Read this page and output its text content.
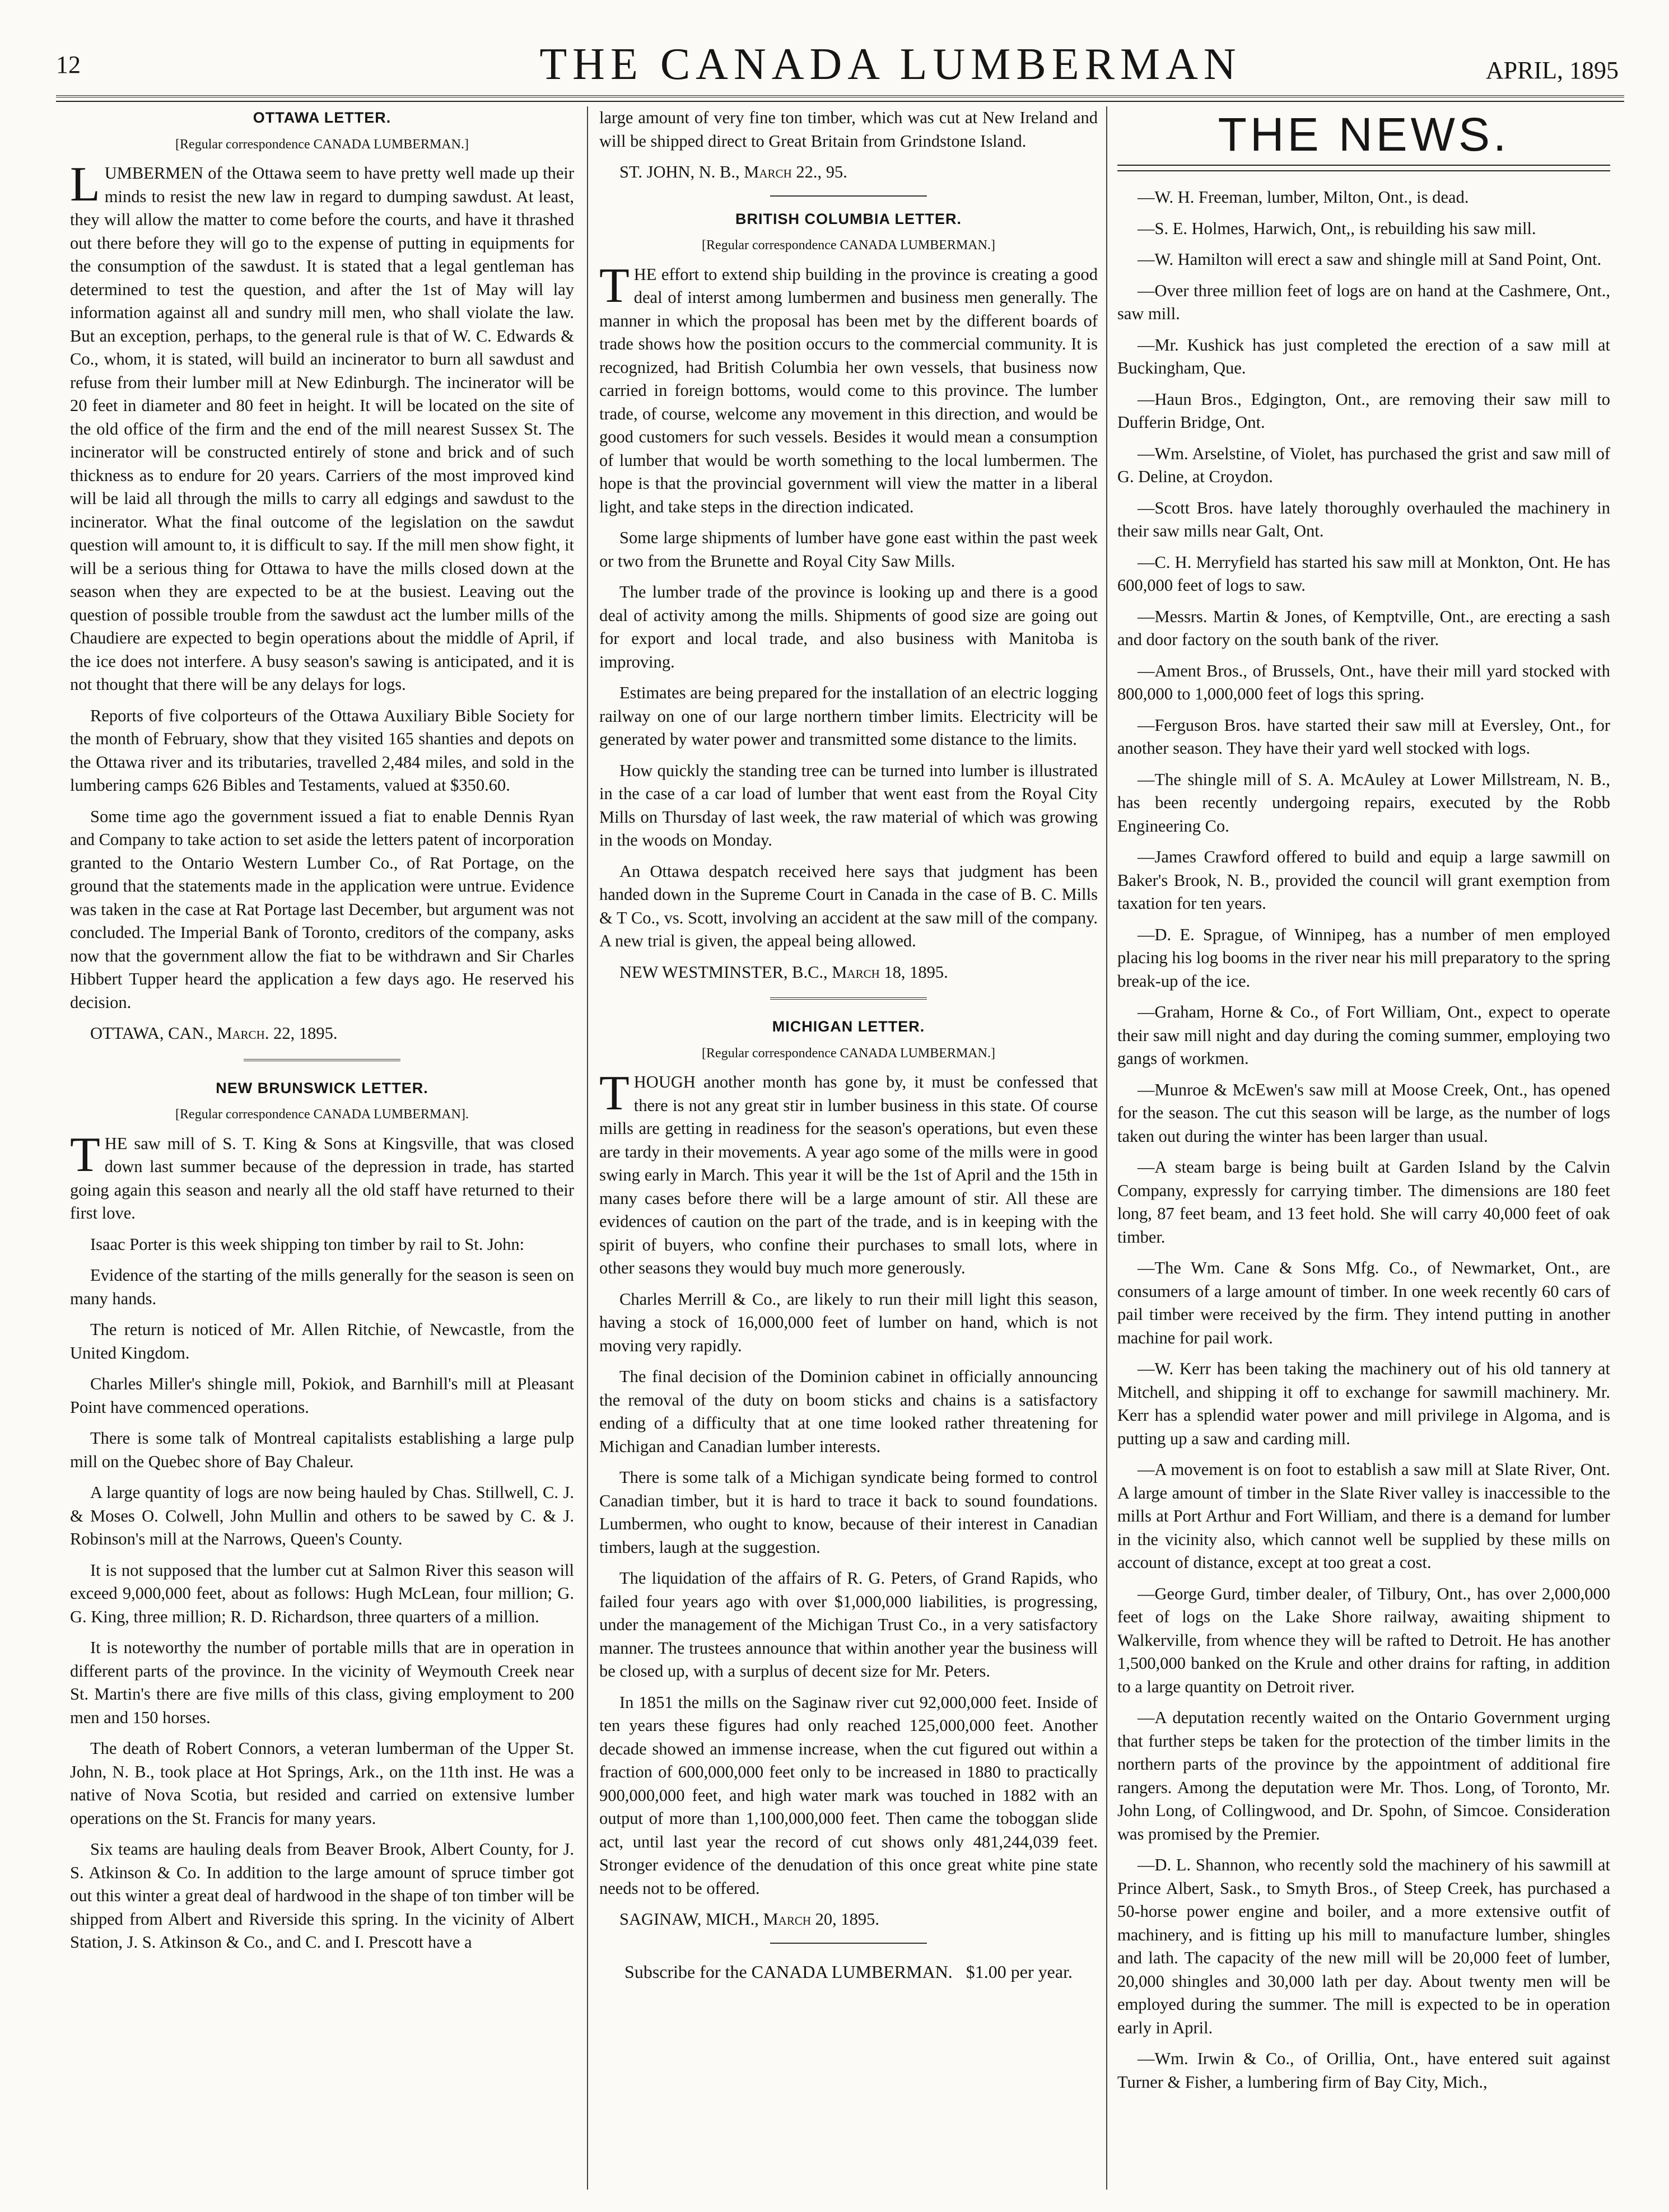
12	THE CANADA LUMBERMAN	APRIL, 1895
OTTAWA LETTER.
[Regular correspondence CANADA LUMBERMAN.]

LUMBERMEN of the Ottawa seem to have pretty well made up their minds to resist the new law in regard to dumping sawdust. At least, they will allow the matter to come before the courts, and have it thrashed out there before they will go to the expense of putting in equipments for the consumption of the sawdust. It is stated that a legal gentleman has determined to test the question, and after the 1st of May will lay information against all and sundry mill men, who shall violate the law. But an exception, perhaps, to the general rule is that of W. C. Edwards & Co., whom, it is stated, will build an incinerator to burn all sawdust and refuse from their lumber mill at New Edinburgh. The incinerator will be 20 feet in diameter and 80 feet in height. It will be located on the site of the old office of the firm and the end of the mill nearest Sussex St. The incinerator will be constructed entirely of stone and brick and of such thickness as to endure for 20 years. Carriers of the most improved kind will be laid all through the mills to carry all edgings and sawdust to the incinerator. What the final outcome of the legislation on the sawdut question will amount to, it is difficult to say. If the mill men show fight, it will be a serious thing for Ottawa to have the mills closed down at the season when they are expected to be at the busiest. Leaving out the question of possible trouble from the sawdust act the lumber mills of the Chaudiere are expected to begin operations about the middle of April, if the ice does not interfere. A busy season's sawing is anticipated, and it is not thought that there will be any delays for logs.

Reports of five colporteurs of the Ottawa Auxiliary Bible Society for the month of February, show that they visited 165 shanties and depots on the Ottawa river and its tributaries, travelled 2,484 miles, and sold in the lumbering camps 626 Bibles and Testaments, valued at $350.60.

Some time ago the government issued a fiat to enable Dennis Ryan and Company to take action to set aside the letters patent of incorporation granted to the Ontario Western Lumber Co., of Rat Portage, on the ground that the statements made in the application were untrue. Evidence was taken in the case at Rat Portage last December, but argument was not concluded. The Imperial Bank of Toronto, creditors of the company, asks now that the government allow the fiat to be withdrawn and Sir Charles Hibbert Tupper heard the application a few days ago. He reserved his decision.

OTTAWA, CAN., March. 22, 1895.

NEW BRUNSWICK LETTER.
[Regular correspondence CANADA LUMBERMAN].

THE saw mill of S. T. King & Sons at Kingsville, that was closed down last summer because of the depression in trade, has started going again this season and nearly all the old staff have returned to their first love.

Isaac Porter is this week shipping ton timber by rail to St. John:

Evidence of the starting of the mills generally for the season is seen on many hands.

The return is noticed of Mr. Allen Ritchie, of Newcastle, from the United Kingdom.

Charles Miller's shingle mill, Pokiok, and Barnhill's mill at Pleasant Point have commenced operations.

There is some talk of Montreal capitalists establishing a large pulp mill on the Quebec shore of Bay Chaleur.

A large quantity of logs are now being hauled by Chas. Stillwell, C. J. & Moses O. Colwell, John Mullin and others to be sawed by C. & J. Robinson's mill at the Narrows, Queen's County.

It is not supposed that the lumber cut at Salmon River this season will exceed 9,000,000 feet, about as follows: Hugh McLean, four million; G. G. King, three million; R. D. Richardson, three quarters of a million.

It is noteworthy the number of portable mills that are in operation in different parts of the province. In the vicinity of Weymouth Creek near St. Martin's there are five mills of this class, giving employment to 200 men and 150 horses.

The death of Robert Connors, a veteran lumberman of the Upper St. John, N. B., took place at Hot Springs, Ark., on the 11th inst. He was a native of Nova Scotia, but resided and carried on extensive lumber operations on the St. Francis for many years.

Six teams are hauling deals from Beaver Brook, Albert County, for J. S. Atkinson & Co. In addition to the large amount of spruce timber got out this winter a great deal of hardwood in the shape of ton timber will be shipped from Albert and Riverside this spring. In the vicinity of Albert Station, J. S. Atkinson & Co., and C. and I. Prescott have a

large amount of very fine ton timber, which was cut at New Ireland and will be shipped direct to Great Britain from Grindstone Island.

ST. JOHN, N. B., March 22., 95.

BRITISH COLUMBIA LETTER.
[Regular correspondence CANADA LUMBERMAN.]

THE effort to extend ship building in the province is creating a good deal of interst among lumbermen and business men generally. The manner in which the proposal has been met by the different boards of trade shows how the position occurs to the commercial community. It is recognized, had British Columbia her own vessels, that business now carried in foreign bottoms, would come to this province. The lumber trade, of course, welcome any movement in this direction, and would be good customers for such vessels. Besides it would mean a consumption of lumber that would be worth something to the local lumbermen. The hope is that the provincial government will view the matter in a liberal light, and take steps in the direction indicated.

Some large shipments of lumber have gone east within the past week or two from the Brunette and Royal City Saw Mills.

The lumber trade of the province is looking up and there is a good deal of activity among the mills. Shipments of good size are going out for export and local trade, and also business with Manitoba is improving.

Estimates are being prepared for the installation of an electric logging railway on one of our large northern timber limits. Electricity will be generated by water power and transmitted some distance to the limits.

How quickly the standing tree can be turned into lumber is illustrated in the case of a car load of lumber that went east from the Royal City Mills on Thursday of last week, the raw material of which was growing in the woods on Monday.

An Ottawa despatch received here says that judgment has been handed down in the Supreme Court in Canada in the case of B. C. Mills & T Co., vs. Scott, involving an accident at the saw mill of the company. A new trial is given, the appeal being allowed.

NEW WESTMINSTER, B.C., March 18, 1895.

MICHIGAN LETTER.
[Regular correspondence CANADA LUMBERMAN.]

THOUGH another month has gone by, it must be confessed that there is not any great stir in lumber business in this state. Of course mills are getting in readiness for the season's operations, but even these are tardy in their movements. A year ago some of the mills were in good swing early in March. This year it will be the 1st of April and the 15th in many cases before there will be a large amount of stir. All these are evidences of caution on the part of the trade, and is in keeping with the spirit of buyers, who confine their purchases to small lots, where in other seasons they would buy much more generously.

Charles Merrill & Co., are likely to run their mill light this season, having a stock of 16,000,000 feet of lumber on hand, which is not moving very rapidly.

The final decision of the Dominion cabinet in officially announcing the removal of the duty on boom sticks and chains is a satisfactory ending of a difficulty that at one time looked rather threatening for Michigan and Canadian lumber interests.

There is some talk of a Michigan syndicate being formed to control Canadian timber, but it is hard to trace it back to sound foundations. Lumbermen, who ought to know, because of their interest in Canadian timbers, laugh at the suggestion.

The liquidation of the affairs of R. G. Peters, of Grand Rapids, who failed four years ago with over $1,000,000 liabilities, is progressing, under the management of the Michigan Trust Co., in a very satisfactory manner. The trustees announce that within another year the business will be closed up, with a surplus of decent size for Mr. Peters.

In 1851 the mills on the Saginaw river cut 92,000,000 feet. Inside of ten years these figures had only reached 125,000,000 feet. Another decade showed an immense increase, when the cut figured out within a fraction of 600,000,000 feet only to be increased in 1880 to practically 900,000,000 feet, and high water mark was touched in 1882 with an output of more than 1,100,000,000 feet. Then came the toboggan slide act, until last year the record of cut shows only 481,244,039 feet. Stronger evidence of the denudation of this once great white pine state needs not to be offered.

SAGINAW, MICH., March 20, 1895.

Subscribe for the CANADA LUMBERMAN. $1.00 per year.
THE NEWS.

—W. H. Freeman, lumber, Milton, Ont., is dead.

—S. E. Holmes, Harwich, Ont,, is rebuilding his saw mill.

—W. Hamilton will erect a saw and shingle mill at Sand Point, Ont.

—Over three million feet of logs are on hand at the Cashmere, Ont., saw mill.

—Mr. Kushick has just completed the erection of a saw mill at Buckingham, Que.

—Haun Bros., Edgington, Ont., are removing their saw mill to Dufferin Bridge, Ont.

—Wm. Arselstine, of Violet, has purchased the grist and saw mill of G. Deline, at Croydon.

—Scott Bros. have lately thoroughly overhauled the machinery in their saw mills near Galt, Ont.

—C. H. Merryfield has started his saw mill at Monkton, Ont. He has 600,000 feet of logs to saw.

—Messrs. Martin & Jones, of Kemptville, Ont., are erecting a sash and door factory on the south bank of the river.

—Ament Bros., of Brussels, Ont., have their mill yard stocked with 800,000 to 1,000,000 feet of logs this spring.

—Ferguson Bros. have started their saw mill at Eversley, Ont., for another season. They have their yard well stocked with logs.

—The shingle mill of S. A. McAuley at Lower Millstream, N. B., has been recently undergoing repairs, executed by the Robb Engineering Co.

—James Crawford offered to build and equip a large sawmill on Baker's Brook, N. B., provided the council will grant exemption from taxation for ten years.

—D. E. Sprague, of Winnipeg, has a number of men employed placing his log booms in the river near his mill preparatory to the spring break-up of the ice.

—Graham, Horne & Co., of Fort William, Ont., expect to operate their saw mill night and day during the coming summer, employing two gangs of workmen.

—Munroe & McEwen's saw mill at Moose Creek, Ont., has opened for the season. The cut this season will be large, as the number of logs taken out during the winter has been larger than usual.

—A steam barge is being built at Garden Island by the Calvin Company, expressly for carrying timber. The dimensions are 180 feet long, 87 feet beam, and 13 feet hold. She will carry 40,000 feet of oak timber.

—The Wm. Cane & Sons Mfg. Co., of Newmarket, Ont., are consumers of a large amount of timber. In one week recently 60 cars of pail timber were received by the firm. They intend putting in another machine for pail work.

—W. Kerr has been taking the machinery out of his old tannery at Mitchell, and shipping it off to exchange for sawmill machinery. Mr. Kerr has a splendid water power and mill privilege in Algoma, and is putting up a saw and carding mill.

—A movement is on foot to establish a saw mill at Slate River, Ont. A large amount of timber in the Slate River valley is inaccessible to the mills at Port Arthur and Fort William, and there is a demand for lumber in the vicinity also, which cannot well be supplied by these mills on account of distance, except at too great a cost.

—George Gurd, timber dealer, of Tilbury, Ont., has over 2,000,000 feet of logs on the Lake Shore railway, awaiting shipment to Walkerville, from whence they will be rafted to Detroit. He has another 1,500,000 banked on the Krule and other drains for rafting, in addition to a large quantity on Detroit river.

—A deputation recently waited on the Ontario Government urging that further steps be taken for the protection of the timber limits in the northern parts of the province by the appointment of additional fire rangers. Among the deputation were Mr. Thos. Long, of Toronto, Mr. John Long, of Collingwood, and Dr. Spohn, of Simcoe. Consideration was promised by the Premier.

—D. L. Shannon, who recently sold the machinery of his sawmill at Prince Albert, Sask., to Smyth Bros., of Steep Creek, has purchased a 50-horse power engine and boiler, and a more extensive outfit of machinery, and is fitting up his mill to manufacture lumber, shingles and lath. The capacity of the new mill will be 20,000 feet of lumber, 20,000 shingles and 30,000 lath per day. About twenty men will be employed during the summer. The mill is expected to be in operation early in April.

—Wm. Irwin & Co., of Orillia, Ont., have entered suit against Turner & Fisher, a lumbering firm of Bay City, Mich.,
